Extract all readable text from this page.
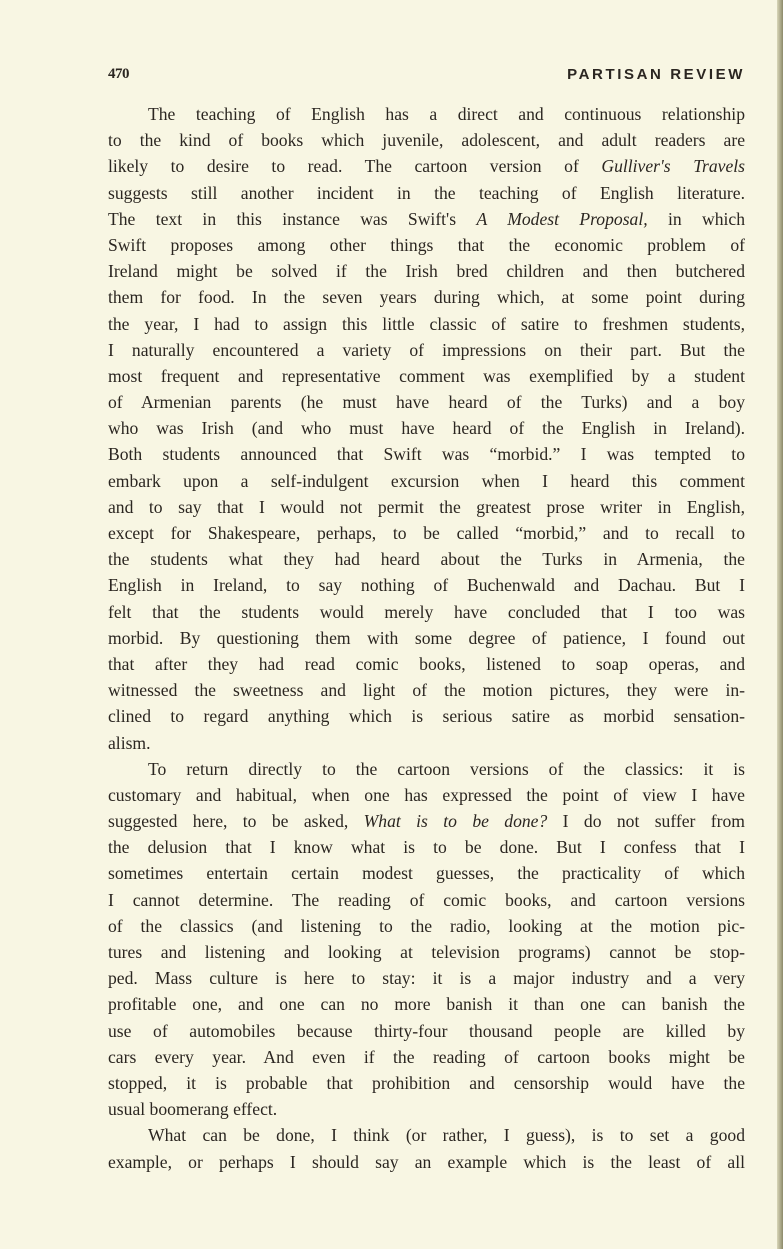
470	PARTISAN REVIEW
The teaching of English has a direct and continuous relationship
to the kind of books which juvenile, adolescent, and adult readers are
likely to desire to read. The cartoon version of Gulliver's Travels
suggests still another incident in the teaching of English literature.
The text in this instance was Swift's A Modest Proposal, in which
Swift proposes among other things that the economic problem of
Ireland might be solved if the Irish bred children and then butchered
them for food. In the seven years during which, at some point during
the year, I had to assign this little classic of satire to freshmen students,
I naturally encountered a variety of impressions on their part. But the
most frequent and representative comment was exemplified by a student
of Armenian parents (he must have heard of the Turks) and a boy
who was Irish (and who must have heard of the English in Ireland).
Both students announced that Swift was “morbid.” I was tempted to
embark upon a self-indulgent excursion when I heard this comment
and to say that I would not permit the greatest prose writer in English,
except for Shakespeare, perhaps, to be called “morbid,” and to recall to
the students what they had heard about the Turks in Armenia, the
English in Ireland, to say nothing of Buchenwald and Dachau. But I
felt that the students would merely have concluded that I too was
morbid. By questioning them with some degree of patience, I found out
that after they had read comic books, listened to soap operas, and
witnessed the sweetness and light of the motion pictures, they were in-
clined to regard anything which is serious satire as morbid sensation-
alism.
To return directly to the cartoon versions of the classics: it is
customary and habitual, when one has expressed the point of view I have
suggested here, to be asked, What is to be done? I do not suffer from
the delusion that I know what is to be done. But I confess that I
sometimes entertain certain modest guesses, the practicality of which
I cannot determine. The reading of comic books, and cartoon versions
of the classics (and listening to the radio, looking at the motion pic-
tures and listening and looking at television programs) cannot be stop-
ped. Mass culture is here to stay: it is a major industry and a very
profitable one, and one can no more banish it than one can banish the
use of automobiles because thirty-four thousand people are killed by
cars every year. And even if the reading of cartoon books might be
stopped, it is probable that prohibition and censorship would have the
usual boomerang effect.
What can be done, I think (or rather, I guess), is to set a good
example, or perhaps I should say an example which is the least of all
